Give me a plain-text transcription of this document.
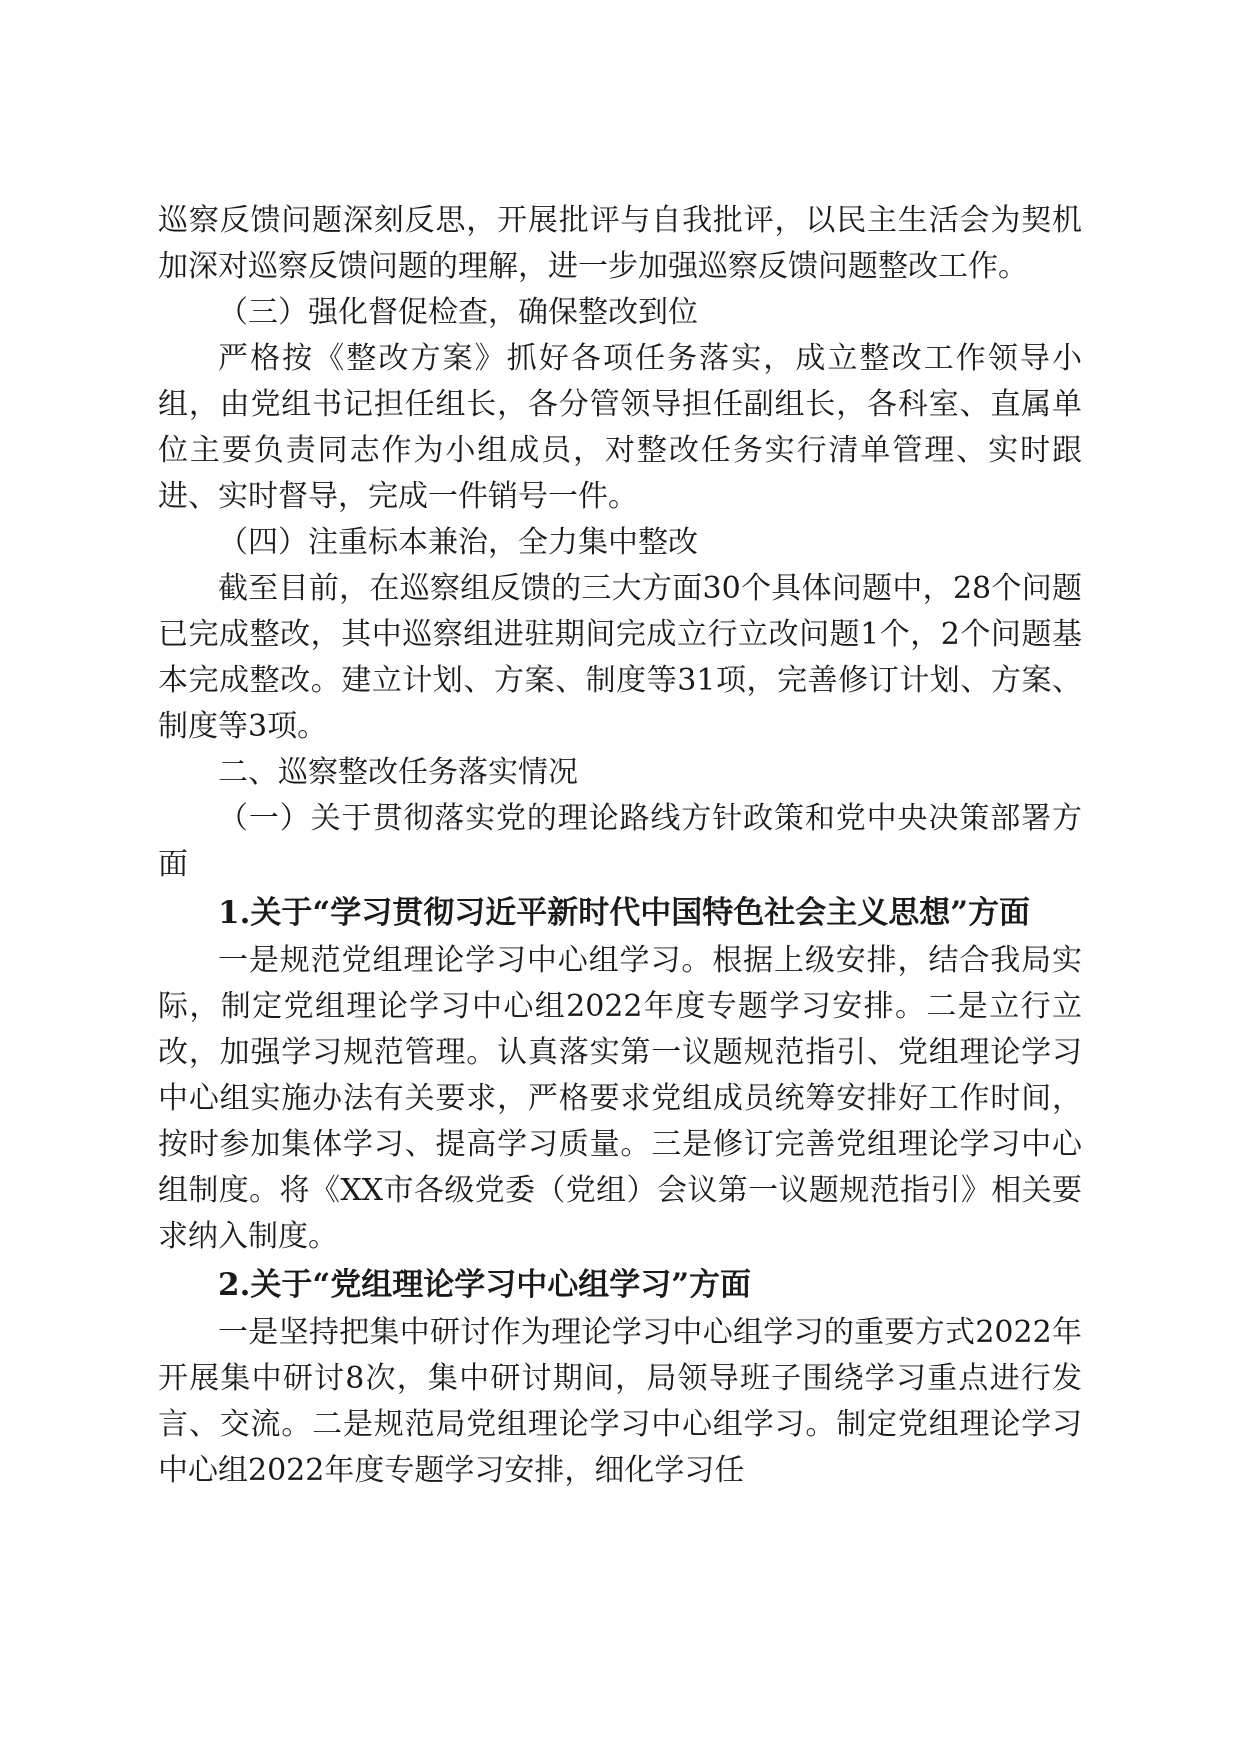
巡察反馈问题深刻反思，开展批评与自我批评，以民主生活会为契机加深对巡察反馈问题的理解，进一步加强巡察反馈问题整改工作。

（三）强化督促检查，确保整改到位

严格按《整改方案》抓好各项任务落实，成立整改工作领导小组，由党组书记担任组长，各分管领导担任副组长，各科室、直属单位主要负责同志作为小组成员，对整改任务实行清单管理、实时跟进、实时督导，完成一件销号一件。

（四）注重标本兼治，全力集中整改

截至目前，在巡察组反馈的三大方面30个具体问题中，28个问题已完成整改，其中巡察组进驻期间完成立行立改问题1个，2个问题基本完成整改。建立计划、方案、制度等31项，完善修订计划、方案、制度等3项。

二、巡察整改任务落实情况

（一）关于贯彻落实党的理论路线方针政策和党中央决策部署方面

1.关于“学习贯彻习近平新时代中国特色社会主义思想”方面

一是规范党组理论学习中心组学习。根据上级安排，结合我局实际，制定党组理论学习中心组2022年度专题学习安排。二是立行立改，加强学习规范管理。认真落实第一议题规范指引、党组理论学习中心组实施办法有关要求，严格要求党组成员统筹安排好工作时间，按时参加集体学习、提高学习质量。三是修订完善党组理论学习中心组制度。将《XX市各级党委（党组）会议第一议题规范指引》相关要求纳入制度。

2.关于“党组理论学习中心组学习”方面

一是坚持把集中研讨作为理论学习中心组学习的重要方式2022年开展集中研讨8次，集中研讨期间，局领导班子围绕学习重点进行发言、交流。二是规范局党组理论学习中心组学习。制定党组理论学习中心组2022年度专题学习安排，细化学习任
